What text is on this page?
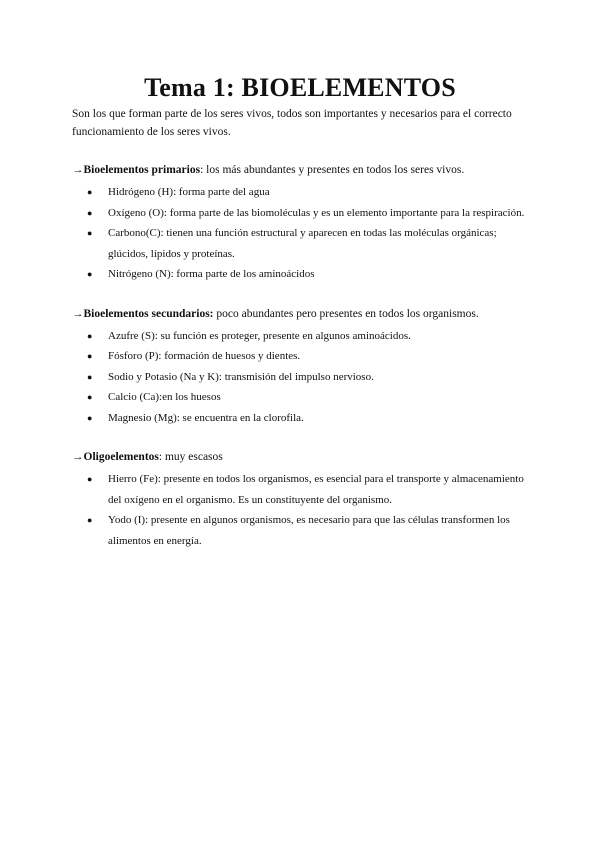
Tema 1: BIOELEMENTOS

Son los que forman parte de los seres vivos, todos son importantes y necesarios para el correcto funcionamiento de los seres vivos.

→Bioelementos primarios: los más abundantes y presentes en todos los seres vivos.

● Hidrógeno (H): forma parte del agua
● Oxígeno (O): forma parte de las biomoléculas y es un elemento importante para la respiración.
● Carbono(C): tienen una función estructural y aparecen en todas las moléculas orgánicas; glúcidos, lípidos y proteínas.
● Nitrógeno (N): forma parte de los aminoácidos

→Bioelementos secundarios: poco abundantes pero presentes en todos los organismos.

● Azufre (S): su función es proteger, presente en algunos aminoácidos.
● Fósforo (P): formación de huesos y dientes.
● Sodio y Potasio (Na y K): transmisión del impulso nervioso.
● Calcio (Ca):en los huesos
● Magnesio (Mg): se encuentra en la clorofila.

→Oligoelementos: muy escasos

● Hierro (Fe): presente en todos los organismos, es esencial para el transporte y almacenamiento del oxígeno en el organismo. Es un constituyente del organismo.
● Yodo (I): presente en algunos organismos, es necesario para que las células transformen los alimentos en energía.
